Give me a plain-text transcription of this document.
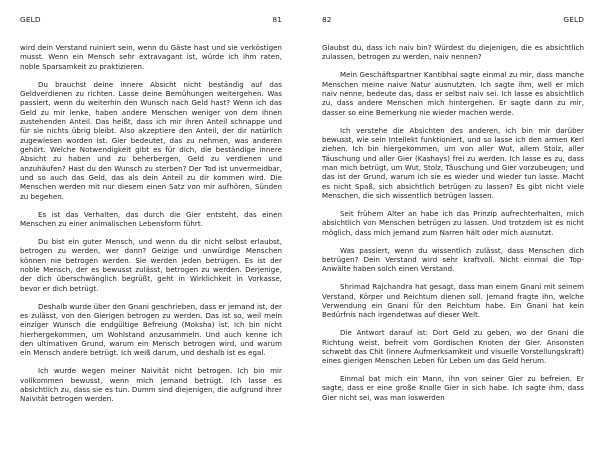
GELD	81

wird dein Verstand ruiniert sein, wenn du Gäste hast und sie verköstigen musst. Wenn ein Mensch sehr extravagant ist, würde ich ihm raten, noble Sparsamkeit zu praktizieren.

Du brauchst deine innere Absicht nicht beständig auf das Geldverdienen zu richten. Lasse deine Bemühungen weitergehen. Was passiert, wenn du weiterhin den Wunsch nach Geld hast? Wenn ich das Geld zu mir lenke, haben andere Menschen weniger von dem ihnen zustehenden Anteil. Das heißt, dass ich mir ihren Anteil schnappe und für sie nichts übrig bleibt. Also akzeptiere den Anteil, der dir natürlich zugewiesen worden ist. Gier bedeutet, das zu nehmen, was anderen gehört. Welche Notwendigkeit gibt es für dich, die beständige innere Absicht zu haben und zu beherbergen, Geld zu verdienen und anzuhäufen? Hast du den Wunsch zu sterben? Der Tod ist unvermeidbar, und so auch das Geld, das als dein Anteil zu dir kommen wird. Die Menschen werden mit nur diesem einen Satz von mir aufhören, Sünden zu begehen.

Es ist das Verhalten, das durch die Gier entsteht, das einen Menschen zu einer animalischen Lebensform führt.

Du bist ein guter Mensch, und wenn du dir nicht selbst erlaubst, betrogen zu werden, wer dann? Geizige und unwürdige Menschen können nie betrogen werden. Sie werden jeden betrügen. Es ist der noble Mensch, der es bewusst zulässt, betrogen zu werden. Derjenige, der dich überschwänglich begrüßt, geht in Wirklichkeit in Vorkasse, bevor er dich betrügt.

Deshalb wurde über den Gnani geschrieben, dass er jemand ist, der es zulässt, von den Gierigen betrogen zu werden. Das ist so, weil mein einziger Wunsch die endgültige Befreiung (Moksha) ist. Ich bin nicht hierhergekommen, um Wohlstand anzusammeln. Und auch kenne ich den ultimativen Grund, warum ein Mensch betrogen wird, und warum ein Mensch andere betrügt. Ich weiß darum, und deshalb ist es egal.

Ich wurde wegen meiner Naivität nicht betrogen. Ich bin mir vollkommen bewusst, wenn mich jemand betrügt. Ich lasse es absichtlich zu, dass sie es tun. Dumm sind diejenigen, die aufgrund ihrer Naivität betrogen werden.

82	GELD

Glaubst du, dass ich naiv bin? Würdest du diejenigen, die es absichtlich zulassen, betrogen zu werden, naiv nennen?

Mein Geschäftspartner Kantibhai sagte einmal zu mir, dass manche Menschen meine naive Natur ausnutzten. Ich sagte ihm, well er mich naiv nenne, bedeute das, dass er selbst naiv sei. Ich lasse es absichtlich zu, dass andere Menschen mich hintergehen. Er sagte dann zu mir, dasser so eine Bemerkung nie wieder machen werde.

Ich verstehe die Absichten des anderen, ich bin mir darüber bewusst, wie sein Intellekt funktioniert, und so lasse ich den armen Kerl ziehen. Ich bin hiergekommen, um von aller Wut, allem Stolz, aller Täuschung und aller Gier (Kashays) frei zu werden. Ich lasse es zu, dass man mich betrügt, um Wut, Stolz, Täuschung und Gier vorzubeugen; und das ist der Grund, warum ich sie es wieder und wieder tun lasse. Macht es nicht Spaß, sich absichtlich betrügen zu lassen? Es gibt nicht viele Menschen, die sich wissentlich betrügen lassen.

Seit frühem Alter an habe ich das Prinzip aufrechterhalten, mich absichtlich von Menschen betrügen zu lassen. Und trotzdem ist es nicht möglich, dass mich jemand zum Narren hält oder mich ausnutzt.

Was passiert, wenn du wissentlich zulässt, dass Menschen dich betrügen? Dein Verstand wird sehr kraftvoll. Nicht einmal die Top-Anwälte haben solch einen Verstand.

Shrimad Rajchandra hat gesagt, dass man einem Gnani mit seinem Verstand, Körper und Reichtum dienen soll. Jemand fragte ihn, welche Verwendung ein Gnani für den Reichtum habe. Ein Gnani hat kein Bedürfnis nach irgendetwas auf dieser Welt.

Die Antwort darauf ist: Dort Geld zu geben, wo der Gnani die Richtung weist, befreit vom Gordischen Knoten der Gier. Ansonsten schwebt das Chit (innere Aufmerksamkeit und visuelle Vorstellungskraft) eines gierigen Menschen Leben für Leben um das Geld herum.

Einmal bat mich ein Mann, ihn von seiner Gier zu befreien. Er sagte, dass er eine große Knolle Gier in sich habe. Ich sagte ihm, dass Gier nicht sei, was man loswerden
